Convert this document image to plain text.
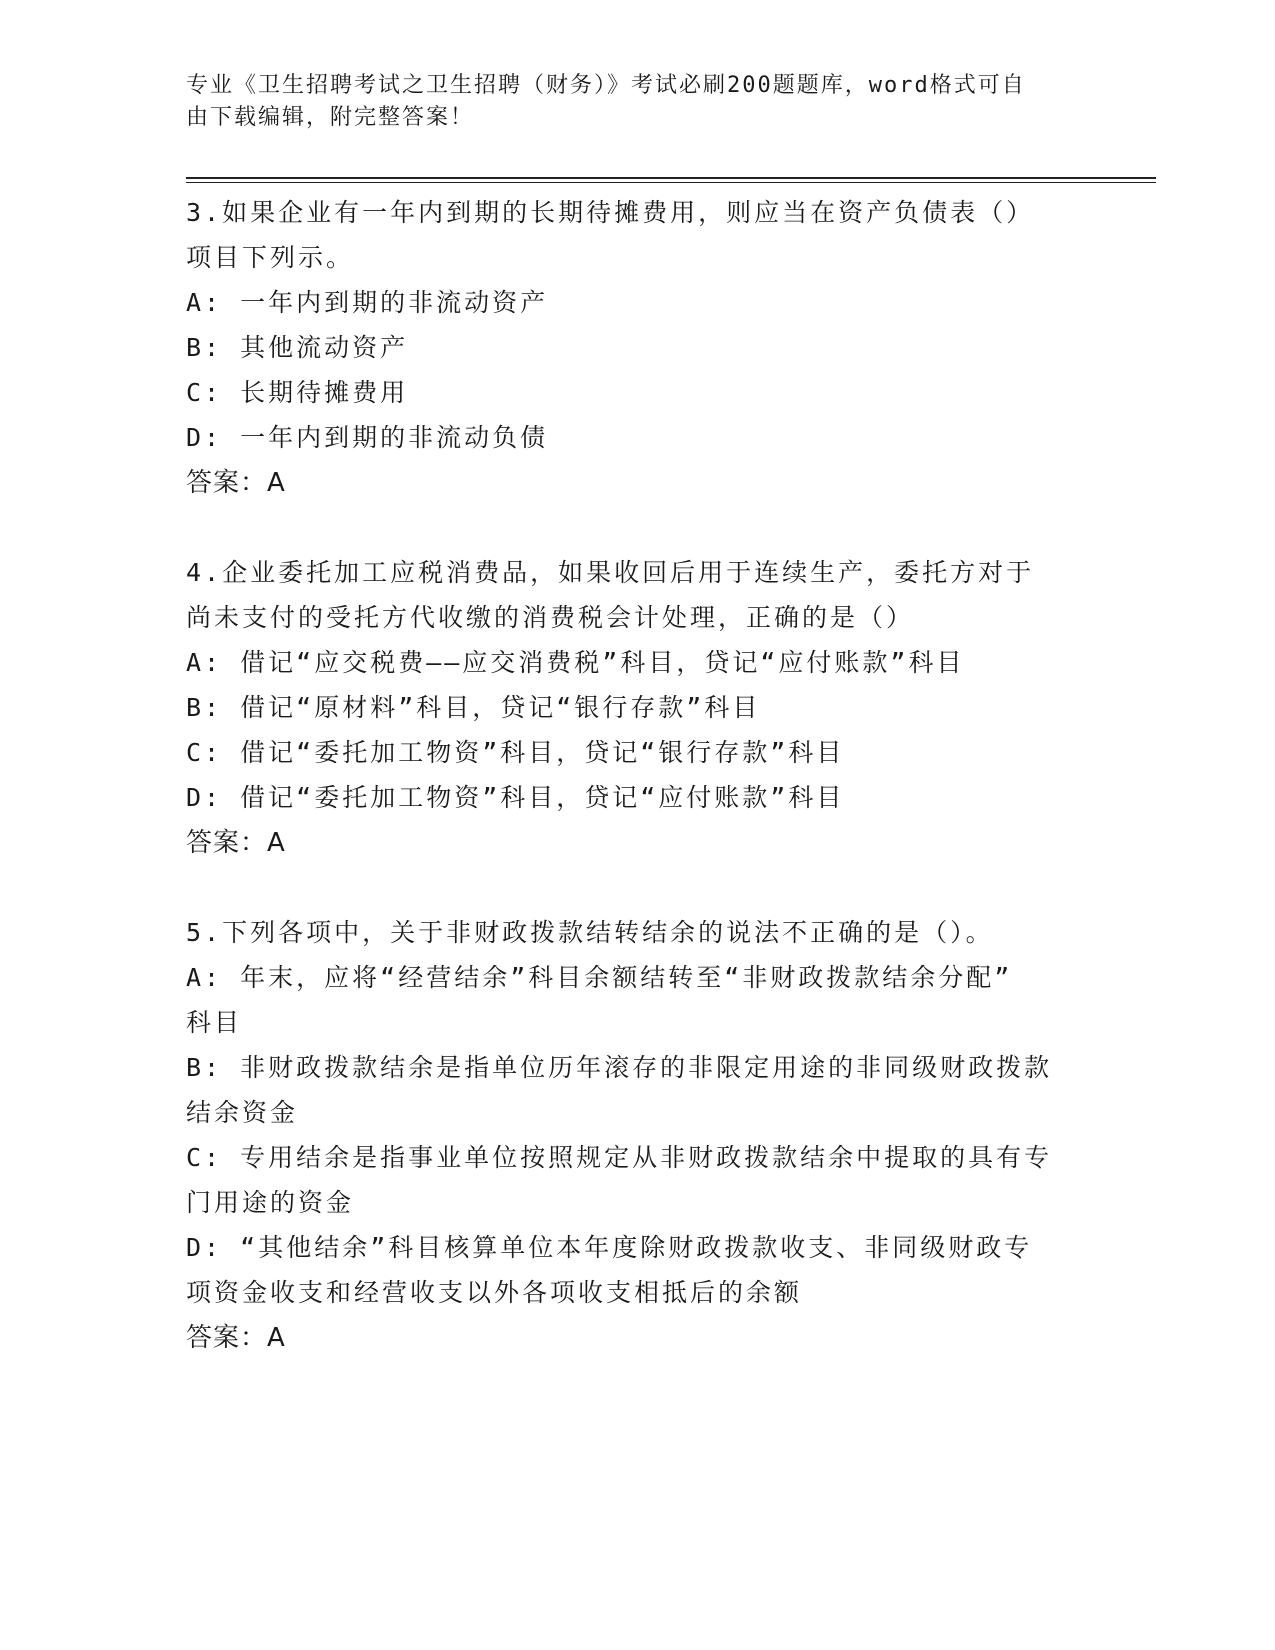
专业《卫生招聘考试之卫生招聘（财务）》考试必刷200题题库，word格式可自
由下载编辑，附完整答案！
3.如果企业有一年内到期的长期待摊费用，则应当在资产负债表（）
项目下列示。
A: 一年内到期的非流动资产
B: 其他流动资产
C: 长期待摊费用
D: 一年内到期的非流动负债
答案：A
4.企业委托加工应税消费品，如果收回后用于连续生产，委托方对于
尚未支付的受托方代收缴的消费税会计处理，正确的是（）
A: 借记“应交税费——应交消费税”科目，贷记“应付账款”科目
B: 借记“原材料”科目，贷记“银行存款”科目
C: 借记“委托加工物资”科目，贷记“银行存款”科目
D: 借记“委托加工物资”科目，贷记“应付账款”科目
答案：A
5.下列各项中，关于非财政拨款结转结余的说法不正确的是（）。
A: 年末，应将“经营结余”科目余额结转至“非财政拨款结余分配”
科目
B: 非财政拨款结余是指单位历年滚存的非限定用途的非同级财政拨款
结余资金
C: 专用结余是指事业单位按照规定从非财政拨款结余中提取的具有专
门用途的资金
D: “其他结余”科目核算单位本年度除财政拨款收支、非同级财政专
项资金收支和经营收支以外各项收支相抵后的余额
答案：A
